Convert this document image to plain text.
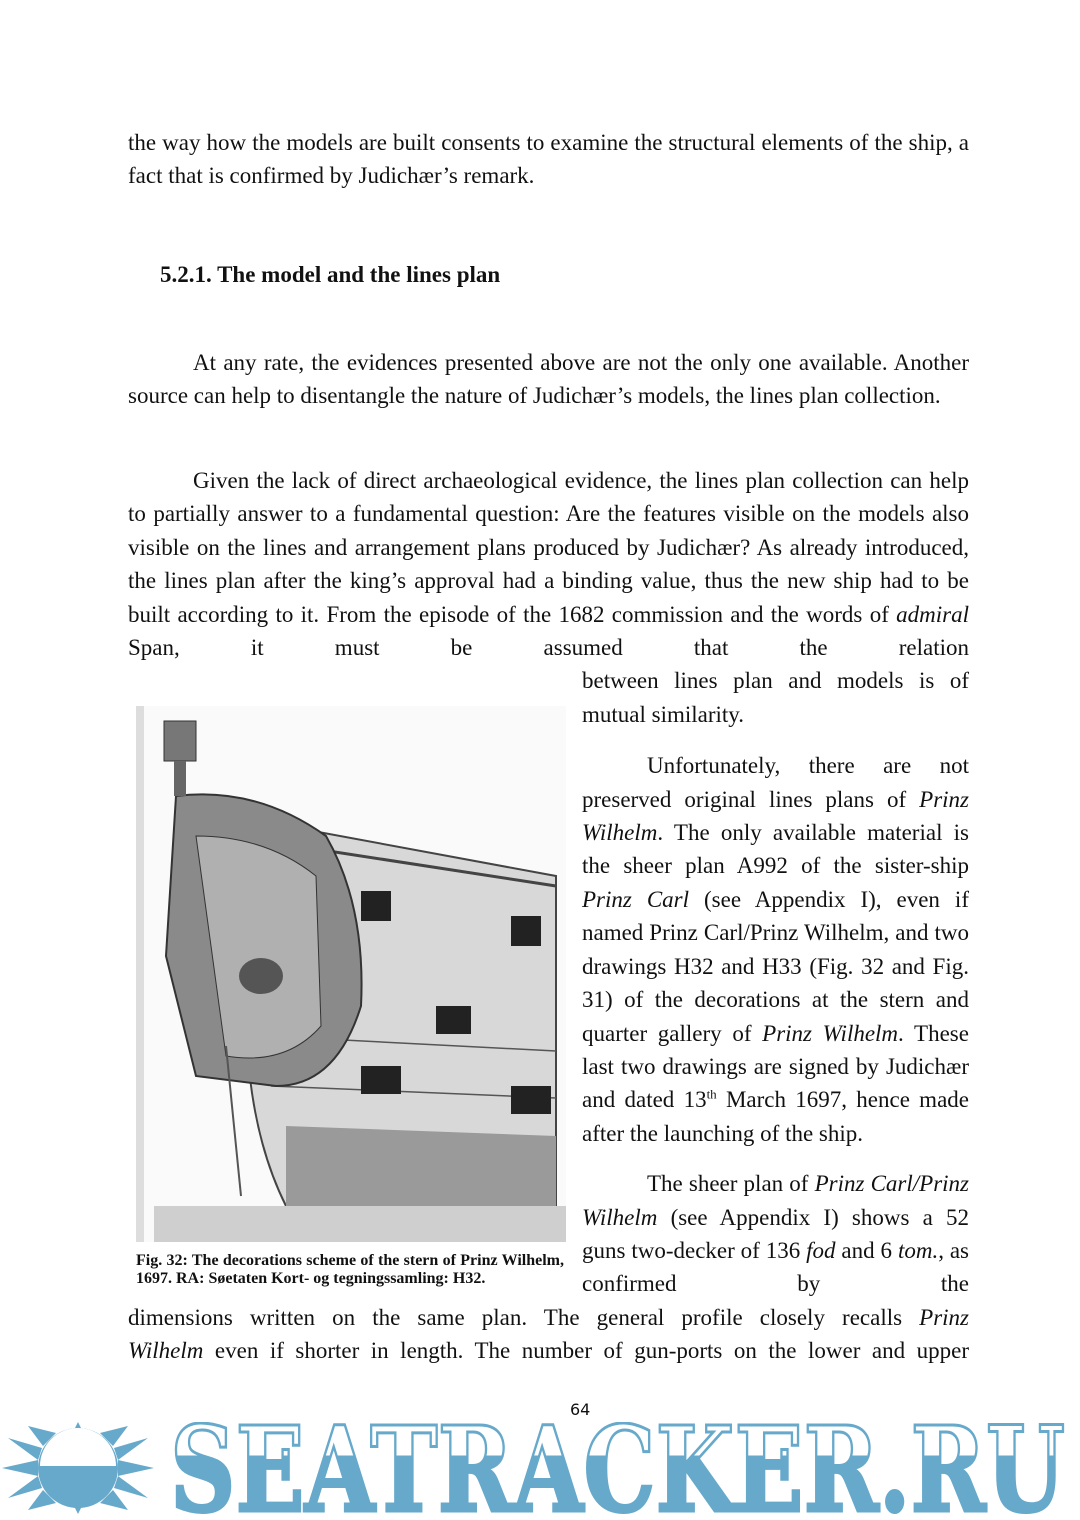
the way how the models are built consents to examine the structural elements of the ship, a fact that is confirmed by Judichær’s remark.

5.2.1. The model and the lines plan

At any rate, the evidences presented above are not the only one available. Another source can help to disentangle the nature of Judichær’s models, the lines plan collection.

Given the lack of direct archaeological evidence, the lines plan collection can help to partially answer to a fundamental question: Are the features visible on the models also visible on the lines and arrangement plans produced by Judichær? As already introduced, the lines plan after the king’s approval had a binding value, thus the new ship had to be built according to it. From the episode of the 1682 commission and the words of admiral Span, it must be assumed that the relation

Fig. 32: The decorations scheme of the stern of Prinz Wilhelm, 1697. RA: Søetaten Kort- og tegningssamling: H32.

between lines plan and models is of mutual similarity.

Unfortunately, there are not preserved original lines plans of Prinz Wilhelm. The only available material is the sheer plan A992 of the sister-ship Prinz Carl (see Appendix I), even if named Prinz Carl/Prinz Wilhelm, and two drawings H32 and H33 (Fig. 32 and Fig. 31) of the decorations at the stern and quarter gallery of Prinz Wilhelm. These last two drawings are signed by Judichær and dated 13th March 1697, hence made after the launching of the ship.

The sheer plan of Prinz Carl/Prinz Wilhelm (see Appendix I) shows a 52 guns two-decker of 136 fod and 6 tom., as confirmed by the

dimensions written on the same plan. The general profile closely recalls Prinz

Wilhelm even if shorter in length. The number of gun-ports on the lower and upper

64
SEATRACKER.RU
